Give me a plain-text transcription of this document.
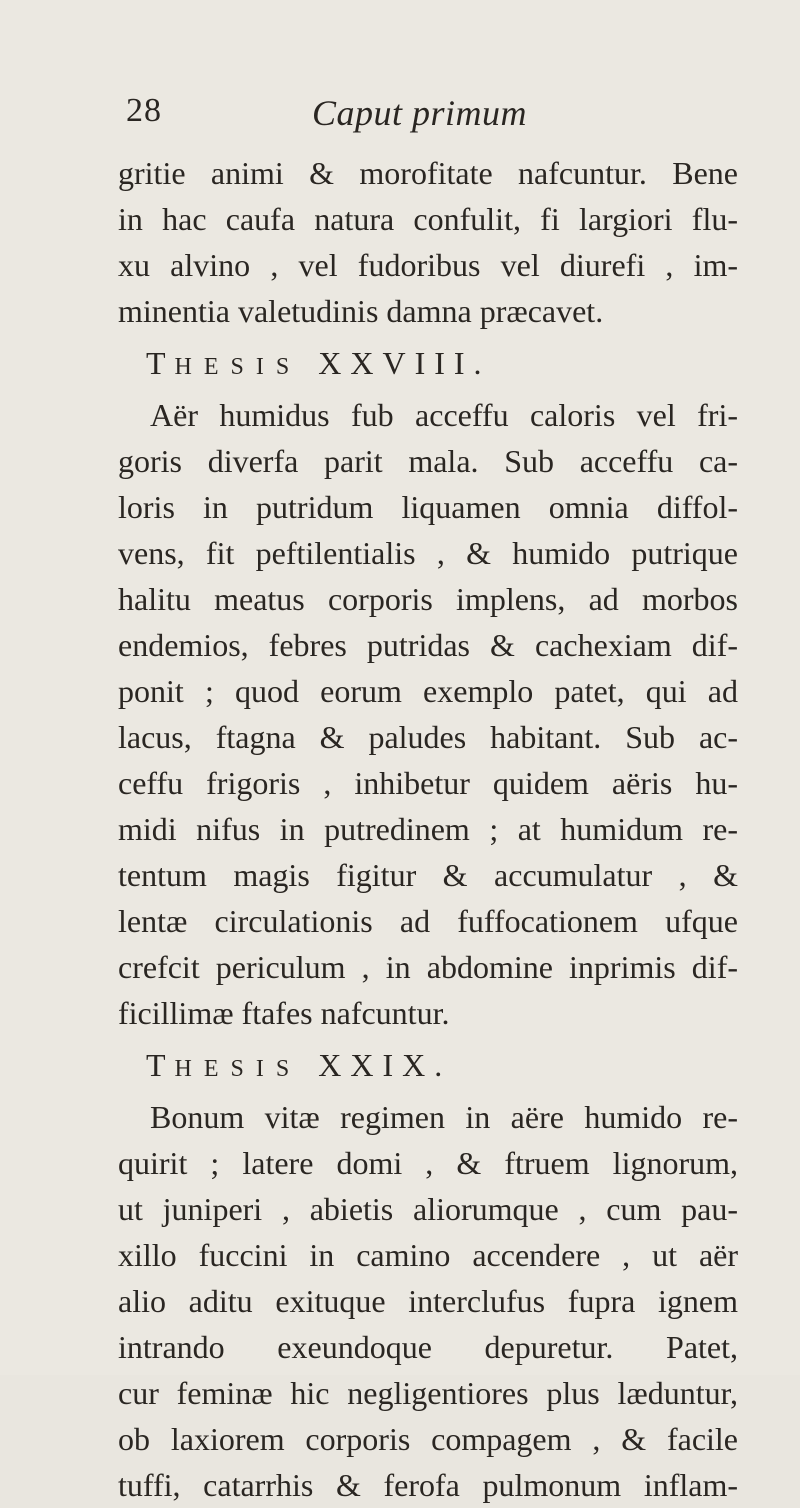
28	Caput primum
gritie animi & morofitate nafcuntur. Bene
in hac caufa natura confulit, fi largiori flu-
xu alvino , vel fudoribus vel diurefi , im-
minentia valetudinis damna præcavet.
THESIS XXVIII.
Aër humidus fub acceffu caloris vel fri-
goris diverfa parit mala. Sub acceffu ca-
loris in putridum liquamen omnia diffol-
vens, fit peftilentialis , & humido putrique
halitu meatus corporis implens, ad morbos
endemios, febres putridas & cachexiam dif-
ponit ; quod eorum exemplo patet, qui ad
lacus, ftagna & paludes habitant. Sub ac-
ceffu frigoris , inhibetur quidem aëris hu-
midi nifus in putredinem ; at humidum re-
tentum magis figitur & accumulatur , &
lentæ circulationis ad fuffocationem ufque
crefcit periculum , in abdomine inprimis dif-
ficillimæ ftafes nafcuntur.
THESIS XXIX.
Bonum vitæ regimen in aëre humido re-
quirit ; latere domi , & ftruem lignorum,
ut juniperi , abietis aliorumque , cum pau-
xillo fuccini in camino accendere , ut aër
alio aditu exituque interclufus fupra ignem
intrando exeundoque depuretur. Patet,
cur feminæ hic negligentiores plus læduntur,
ob laxiorem corporis compagem , & facile
tuffi, catarrhis & ferofa pulmonum inflam-
